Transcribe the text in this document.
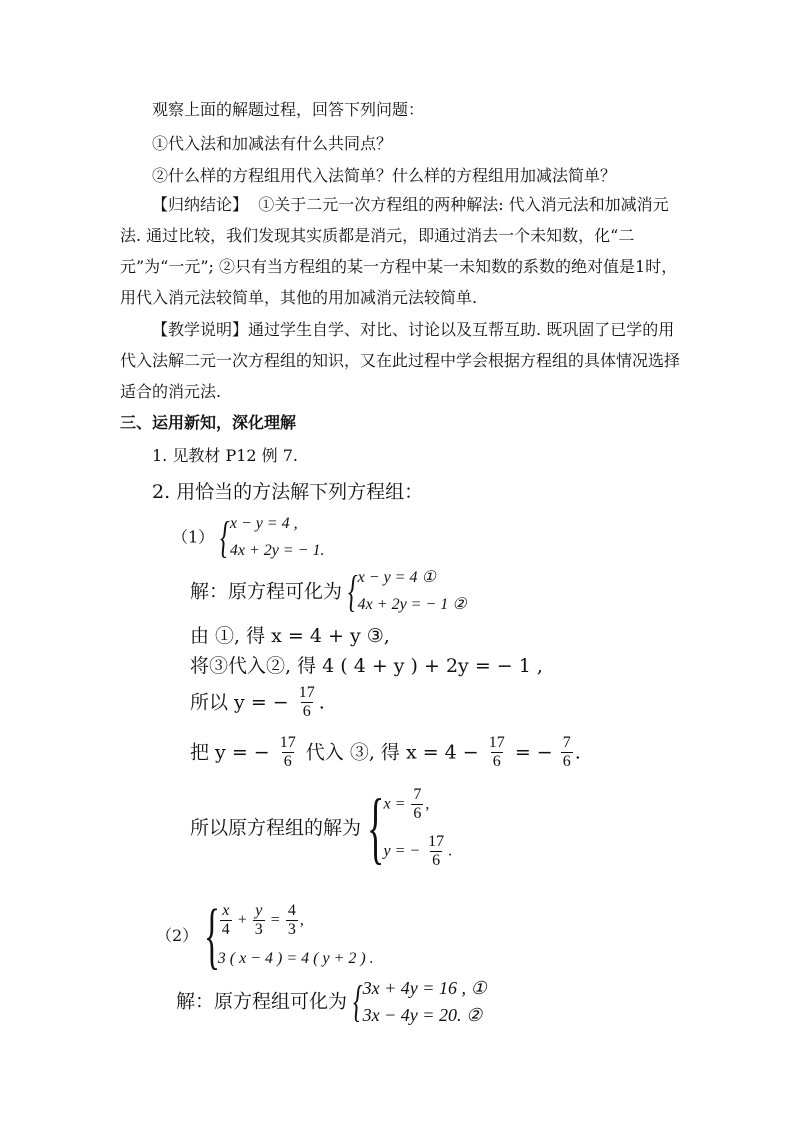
观察上面的解题过程，回答下列问题：
①代入法和加减法有什么共同点？
②什么样的方程组用代入法简单？什么样的方程组用加减法简单？
【归纳结论】 ①关于二元一次方程组的两种解法: 代入消元法和加减消元法. 通过比较，我们发现其实质都是消元，即通过消去一个未知数，化“二元”为“一元”; ②只有当方程组的某一方程中某一未知数的系数的绝对值是1时，用代入消元法较简单，其他的用加减消元法较简单.
【教学说明】通过学生自学、对比、讨论以及互帮互助. 既巩固了已学的用代入法解二元一次方程组的知识，又在此过程中学会根据方程组的具体情况选择适合的消元法.
三、运用新知，深化理解
1. 见教材 P12 例 7.
2. 用恰当的方法解下列方程组：
（1） { x − y = 4 ,
4x + 2y = − 1.
解：原方程可化为 { x − y = 4 ①
4x + 2y = − 1 ②
由 ①, 得 x = 4 + y ③,
将③代入②, 得 4 ( 4 + y ) + 2y = − 1 ,
所以 y = − $\frac{17}{6}$ .
把 y = − $\frac{17}{6}$ 代入 ③, 得 $x = 4 - \frac{17}{6}$ = − $\frac{7}{6}$ .
所以原方程组的解为 { $x = \frac{7}{6}$ ,
y = − $\frac{17}{6}$ .
（2） { $\frac{x}{4} + \frac{y}{3} = \frac{4}{3}$ ,
3 ( x − 4 ) = 4 ( y + 2 ) .
解：原方程组可化为 { 3x + 4y = 16 , ①
3x − 4y = 20. ②
